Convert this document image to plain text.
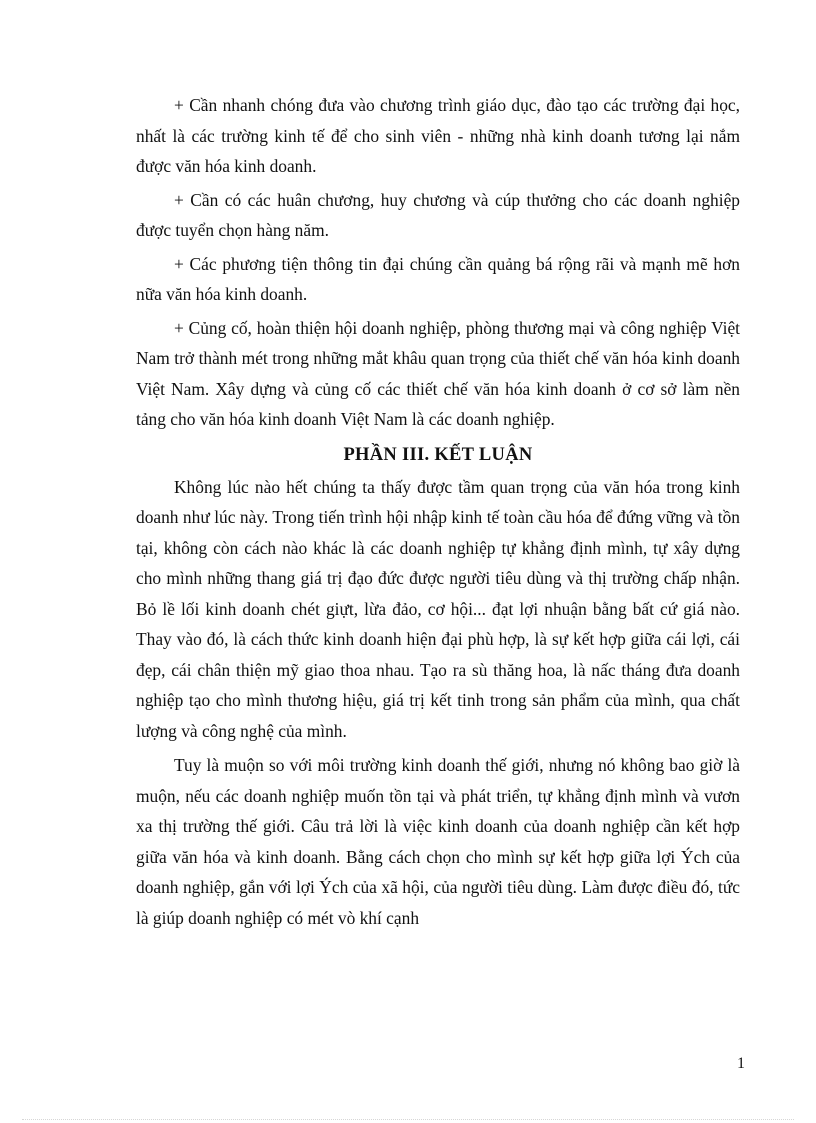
+ Cần nhanh chóng đưa vào chương trình giáo dục, đào tạo các trường đại học, nhất là các trường kinh tế để cho sinh viên - những nhà kinh doanh tương lại nắm được văn hóa kinh doanh.

+ Cần có các huân chương, huy chương và cúp thưởng cho các doanh nghiệp được tuyển chọn hàng năm.

+ Các phương tiện thông tin đại chúng cần quảng bá rộng rãi và mạnh mẽ hơn nữa văn hóa kinh doanh.

+ Củng cố, hoàn thiện hội doanh nghiệp, phòng thương mại và công nghiệp Việt Nam trở thành mét trong những mắt khâu quan trọng của thiết chế văn hóa kinh doanh Việt Nam. Xây dựng và củng cố các thiết chế văn hóa kinh doanh ở cơ sở làm nền tảng cho văn hóa kinh doanh Việt Nam là các doanh nghiệp.

PHẦN III. KẾT LUẬN

Không lúc nào hết chúng ta thấy được tầm quan trọng của văn hóa trong kinh doanh như lúc này. Trong tiến trình hội nhập kinh tế toàn cầu hóa để đứng vững và tồn tại, không còn cách nào khác là các doanh nghiệp tự khẳng định mình, tự xây dựng cho mình những thang giá trị đạo đức được người tiêu dùng và thị trường chấp nhận. Bỏ lề lối kinh doanh chét giựt, lừa đảo, cơ hội... đạt lợi nhuận bằng bất cứ giá nào. Thay vào đó, là cách thức kinh doanh hiện đại phù hợp, là sự kết hợp giữa cái lợi, cái đẹp, cái chân thiện mỹ giao thoa nhau. Tạo ra sù thăng hoa, là nấc tháng đưa doanh nghiệp tạo cho mình thương hiệu, giá trị kết tinh trong sản phẩm của mình, qua chất lượng và công nghệ của mình.

Tuy là muộn so với môi trường kinh doanh thế giới, nhưng nó không bao giờ là muộn, nếu các doanh nghiệp muốn tồn tại và phát triển, tự khẳng định mình và vươn xa thị trường thế giới. Câu trả lời là việc kinh doanh của doanh nghiệp cần kết hợp giữa văn hóa và kinh doanh. Bằng cách chọn cho mình sự kết hợp giữa lợi Ých của doanh nghiệp, gắn với lợi Ých của xã hội, của người tiêu dùng. Làm được điều đó, tức là giúp doanh nghiệp có mét vò khí cạnh

1
